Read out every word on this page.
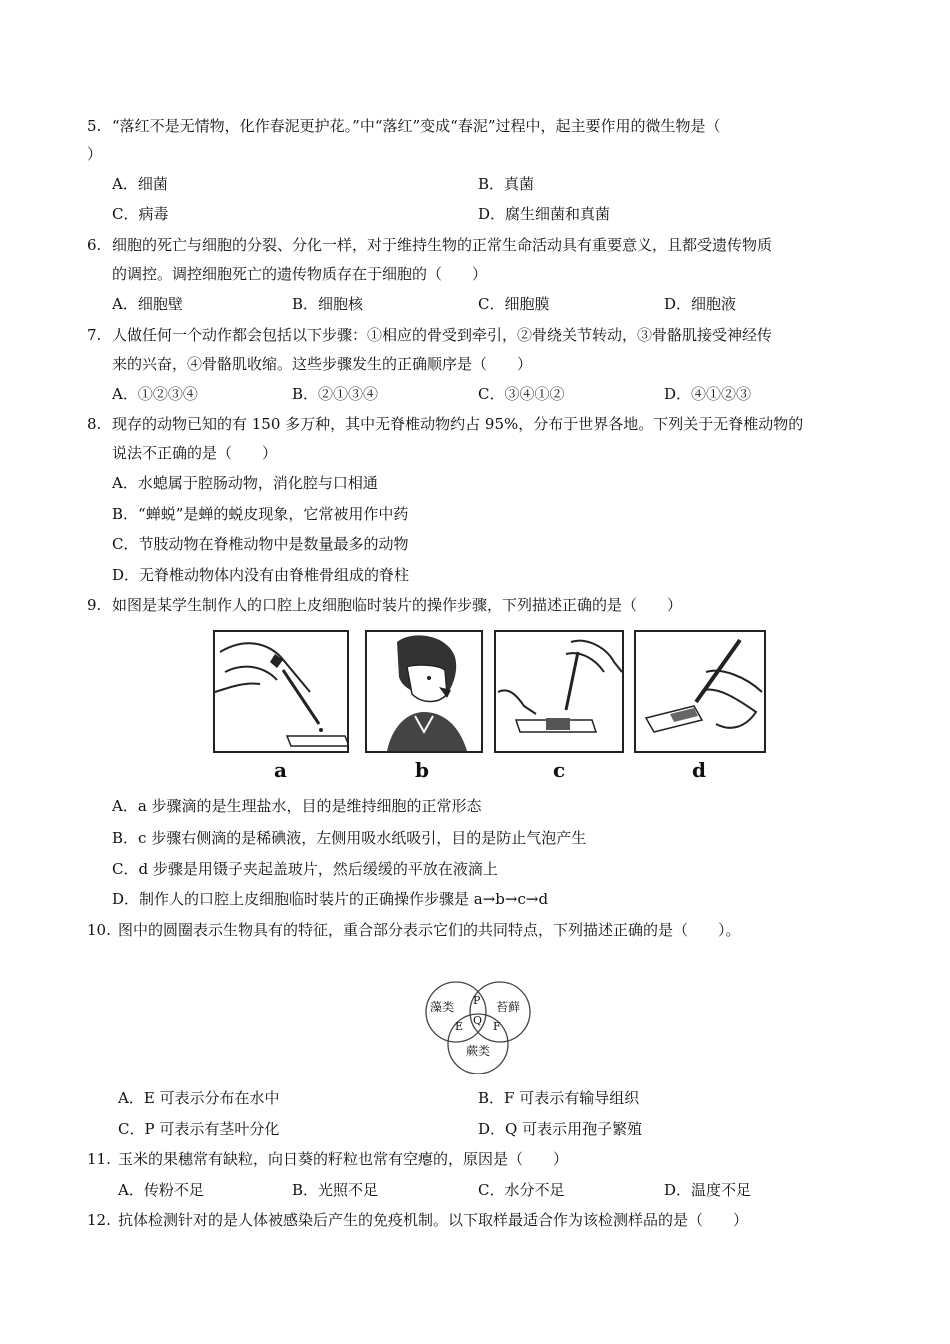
5. “落红不是无情物，化作春泥更护花。”中“落红”变成“春泥”过程中，起主要作用的微生物是（
）
A．细菌	B．真菌
C．病毒	D．腐生细菌和真菌
6. 细胞的死亡与细胞的分裂、分化一样，对于维持生物的正常生命活动具有重要意义，且都受遗传物质
的调控。调控细胞死亡的遗传物质存在于细胞的（　　）
A．细胞壁	B．细胞核	C．细胞膜	D．细胞液
7. 人做任何一个动作都会包括以下步骤：①相应的骨受到牵引，②骨绕关节转动，③骨骼肌接受神经传
来的兴奋，④骨骼肌收缩。这些步骤发生的正确顺序是（　　）
A．①②③④	B．②①③④	C．③④①②	D．④①②③
8. 现存的动物已知的有 150 多万种，其中无脊椎动物约占 95%，分布于世界各地。下列关于无脊椎动物的
说法不正确的是（　　）
A．水螅属于腔肠动物，消化腔与口相通
B．“蝉蜕”是蝉的蜕皮现象，它常被用作中药
C．节肢动物在脊椎动物中是数量最多的动物
D．无脊椎动物体内没有由脊椎骨组成的脊柱
9. 如图是某学生制作人的口腔上皮细胞临时装片的操作步骤，下列描述正确的是（　　）
a	b	c	d
A．a 步骤滴的是生理盐水，目的是维持细胞的正常形态
B．c 步骤右侧滴的是稀碘液，左侧用吸水纸吸引，目的是防止气泡产生
C．d 步骤是用镊子夹起盖玻片，然后缓缓的平放在液滴上
D．制作人的口腔上皮细胞临时装片的正确操作步骤是 a→b→c→d
10. 图中的圆圈表示生物具有的特征，重合部分表示它们的共同特点，下列描述正确的是（　　）。
藻类	苔藓
蕨类
P
E Q F
A．E 可表示分布在水中	B．F 可表示有输导组织
C．P 可表示有茎叶分化	D．Q 可表示用孢子繁殖
11. 玉米的果穗常有缺粒，向日葵的籽粒也常有空瘪的，原因是（　　）
A．传粉不足	B．光照不足	C．水分不足	D．温度不足
12. 抗体检测针对的是人体被感染后产生的免疫机制。以下取样最适合作为该检测样品的是（　　）
